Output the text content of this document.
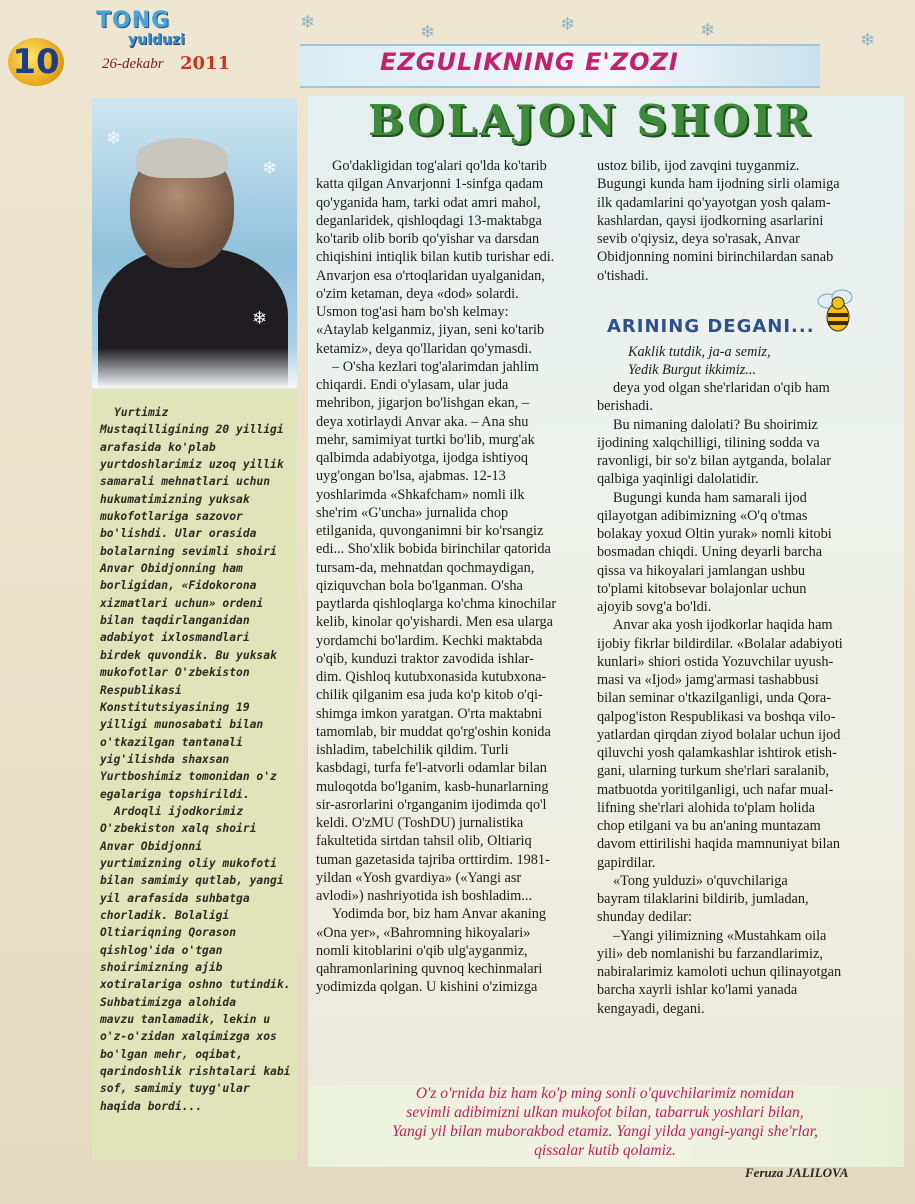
❄	❄	❄	❄	❄
TONG
yulduzi
10	26-dekabr 2011	EZGULIKNING E'ZOZI
❄
❄
❄

Yurtimiz

Mustaqilligining 20 yilligi

arafasida ko'plab

yurtdoshlarimiz uzoq yillik

samarali mehnatlari uchun

hukumatimizning yuksak

mukofotlariga sazovor

bo'lishdi. Ular orasida

bolalarning sevimli shoiri

Anvar Obidjonning ham

borligidan, «Fidokorona

xizmatlari uchun» ordeni

bilan taqdirlanganidan

adabiyot ixlosmandlari

birdek quvondik. Bu yuksak

mukofotlar O'zbekiston

Respublikasi

Konstitutsiyasining 19

yilligi munosabati bilan

o'tkazilgan tantanali

yig'ilishda shaxsan

Yurtboshimiz tomonidan o'z

egalariga topshirildi.

Ardoqli ijodkorimiz

O'zbekiston xalq shoiri

Anvar Obidjonni

yurtimizning oliy mukofoti

bilan samimiy qutlab, yangi

yil arafasida suhbatga

chorladik. Bolaligi

Oltiariqning Qorason

qishlog'ida o'tgan

shoirimizning ajib

xotiralariga oshno tutindik.

Suhbatimizga alohida

mavzu tanlamadik, lekin u

o'z-o'zidan xalqimizga xos

bo'lgan mehr, oqibat,

qarindoshlik rishtalari kabi

sof, samimiy tuyg'ular

haqida bordi...

BOLAJON SHOIR

Go'dakligidan tog'alari qo'lda ko'tarib

katta qilgan Anvarjonni 1-sinfga qadam

qo'yganida ham, tarki odat amri mahol,

deganlaridek, qishloqdagi 13-maktabga

ko'tarib olib borib qo'yishar va darsdan

chiqishini intiqlik bilan kutib turishar edi.

Anvarjon esa o'rtoqlaridan uyalganidan,

o'zim ketaman, deya «dod» solardi.

Usmon tog'asi ham bo'sh kelmay:

«Ataylab kelganmiz, jiyan, seni ko'tarib

ketamiz», deya qo'llaridan qo'ymasdi.

– O'sha kezlari tog'alarimdan jahlim

chiqardi. Endi o'ylasam, ular juda

mehribon, jigarjon bo'lishgan ekan, –

deya xotirlaydi Anvar aka. – Ana shu

mehr, samimiyat turtki bo'lib, murg'ak

qalbimda adabiyotga, ijodga ishtiyoq

uyg'ongan bo'lsa, ajabmas. 12-13

yoshlarimda «Shkafcham» nomli ilk

she'rim «G'uncha» jurnalida chop

etilganida, quvonganimni bir ko'rsangiz

edi... Sho'xlik bobida birinchilar qatorida

tursam-da, mehnatdan qochmaydigan,

qiziquvchan bola bo'lganman. O'sha

paytlarda qishloqlarga ko'chma kinochilar

kelib, kinolar qo'yishardi. Men esa ularga

yordamchi bo'lardim. Kechki maktabda

o'qib, kunduzi traktor zavodida ishlar-

dim. Qishloq kutubxonasida kutubxona-

chilik qilganim esa juda ko'p kitob o'qi-

shimga imkon yaratgan. O'rta maktabni

tamomlab, bir muddat qo'rg'oshin konida

ishladim, tabelchilik qildim. Turli

kasbdagi, turfa fe'l-atvorli odamlar bilan

muloqotda bo'lganim, kasb-hunarlarning

sir-asrorlarini o'rganganim ijodimda qo'l

keldi. O'zMU (ToshDU) jurnalistika

fakultetida sirtdan tahsil olib, Oltiariq

tuman gazetasida tajriba orttirdim. 1981-

yildan «Yosh gvardiya» («Yangi asr

avlodi») nashriyotida ish boshladim...

Yodimda bor, biz ham Anvar akaning

«Ona yer», «Bahromning hikoyalari»

nomli kitoblarini o'qib ulg'ayganmiz,

qahramonlarining quvnoq kechinmalari

yodimizda qolgan. U kishini o'zimizga

ustoz bilib, ijod zavqini tuyganmiz.

Bugungi kunda ham ijodning sirli olamiga

ilk qadamlarini qo'yayotgan yosh qalam-

kashlardan, qaysi ijodkorning asarlarini

sevib o'qiysiz, deya so'rasak, Anvar

Obidjonning nomini birinchilardan sanab

o'tishadi.

ARINING DEGANI...

Kaklik tutdik, ja-a semiz,

Yedik Burgut ikkimiz...

deya yod olgan she'rlaridan o'qib ham

berishadi.

Bu nimaning dalolati? Bu shoirimiz

ijodining xalqchilligi, tilining sodda va

ravonligi, bir so'z bilan aytganda, bolalar

qalbiga yaqinligi dalolatidir.

Bugungi kunda ham samarali ijod

qilayotgan adibimizning «O'q o'tmas

bolakay yoxud Oltin yurak» nomli kitobi

bosmadan chiqdi. Uning deyarli barcha

qissa va hikoyalari jamlangan ushbu

to'plami kitobsevar bolajonlar uchun

ajoyib sovg'a bo'ldi.

Anvar aka yosh ijodkorlar haqida ham

ijobiy fikrlar bildirdilar. «Bolalar adabiyoti

kunlari» shiori ostida Yozuvchilar uyush-

masi va «Ijod» jamg'armasi tashabbusi

bilan seminar o'tkazilganligi, unda Qora-

qalpog'iston Respublikasi va boshqa vilo-

yatlardan qirqdan ziyod bolalar uchun ijod

qiluvchi yosh qalamkashlar ishtirok etish-

gani, ularning turkum she'rlari saralanib,

matbuotda yoritilganligi, uch nafar mual-

lifning she'rlari alohida to'plam holida

chop etilgani va bu an'aning muntazam

davom ettirilishi haqida mamnuniyat bilan

gapirdilar.

«Tong yulduzi» o'quvchilariga

bayram tilaklarini bildirib, jumladan,

shunday dedilar:

–Yangi yilimizning «Mustahkam oila

yili» deb nomlanishi bu farzandlarimiz,

nabiralarimiz kamoloti uchun qilinayotgan

barcha xayrli ishlar ko'lami yanada

kengayadi, degani.

O'z o'rnida biz ham ko'p ming sonli o'quvchilarimiz nomidan

sevimli adibimizni ulkan mukofot bilan, tabarruk yoshlari bilan,

Yangi yil bilan muborakbod etamiz. Yangi yilda yangi-yangi she'rlar,

qissalar kutib qolamiz.

Feruza JALILOVA
